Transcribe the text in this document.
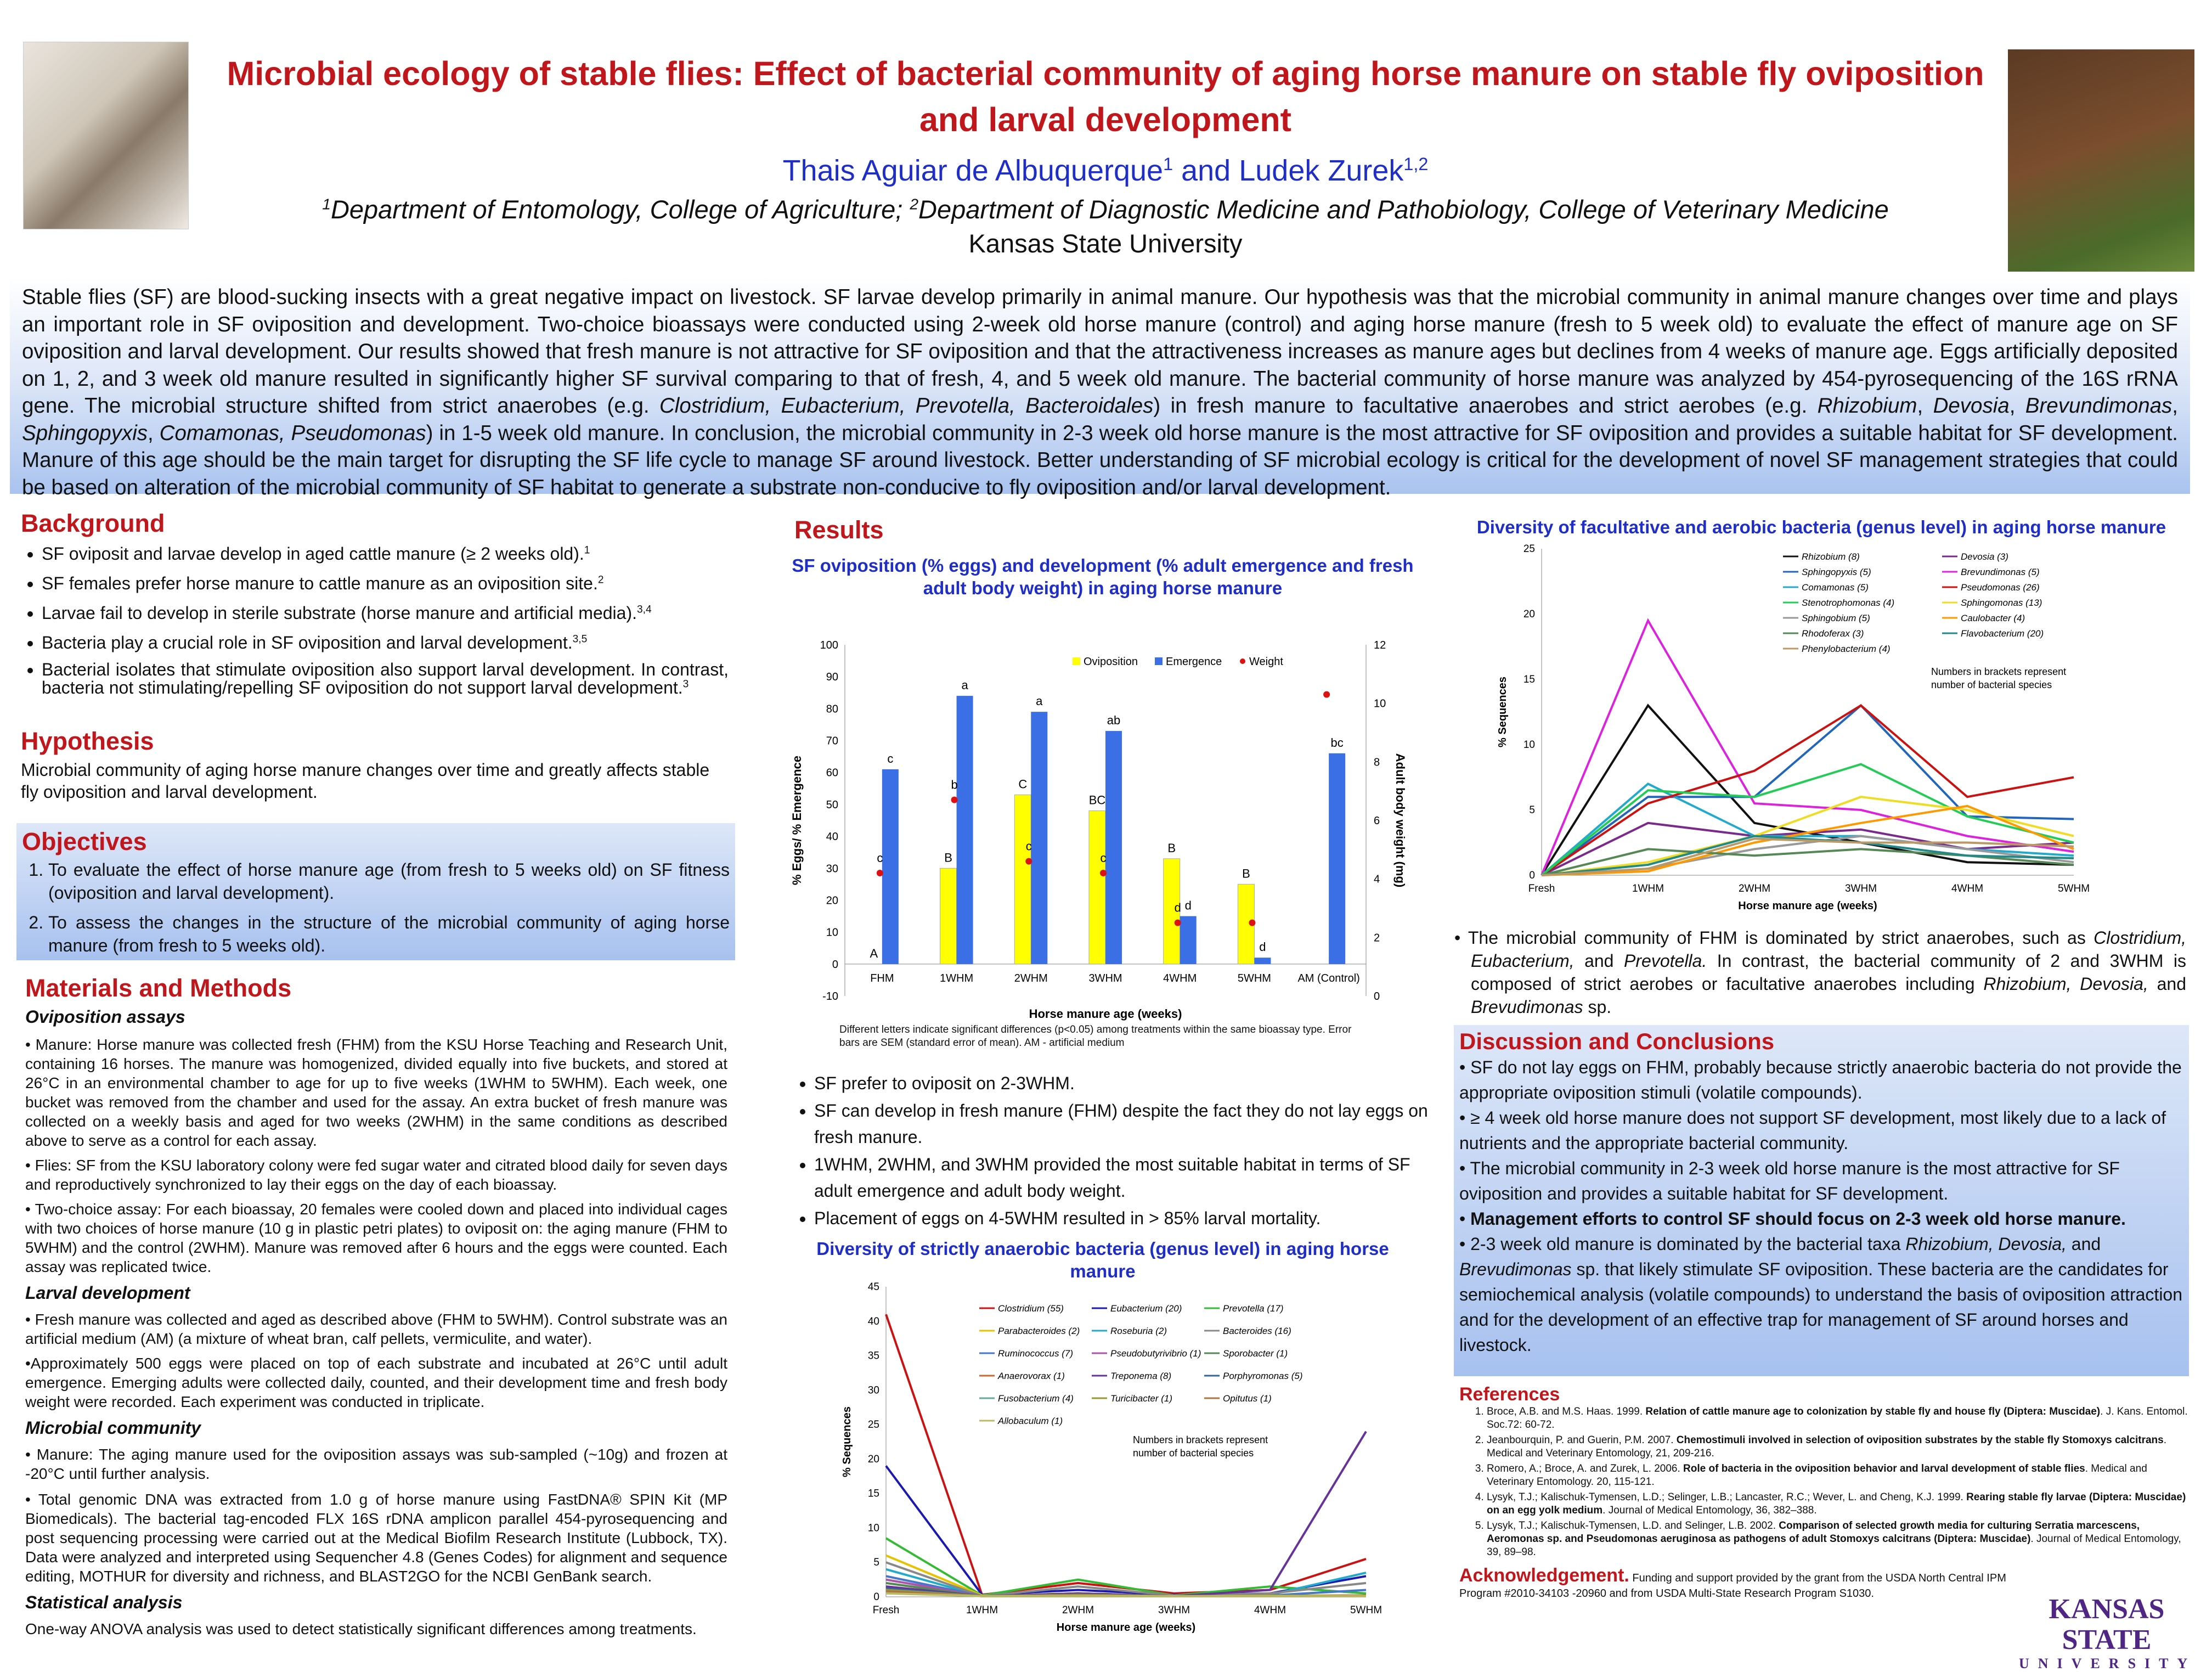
Microbial ecology of stable flies: Effect of bacterial community of aging horse manure on stable fly oviposition and larval development
Thais Aguiar de Albuquerque$^1$ and Ludek Zurek$^{1,2}$
$^1$Department of Entomology, College of Agriculture; $^2$Department of Diagnostic Medicine and Pathobiology, College of Veterinary Medicine
Kansas State University
Stable flies (SF) are blood-sucking insects with a great negative impact on livestock. SF larvae develop primarily in animal manure. Our hypothesis was that the microbial community in animal manure changes over time and plays an important role in SF oviposition and development. Two-choice bioassays were conducted using 2-week old horse manure (control) and aging horse manure (fresh to 5 week old) to evaluate the effect of manure age on SF oviposition and larval development. Our results showed that fresh manure is not attractive for SF oviposition and that the attractiveness increases as manure ages but declines from 4 weeks of manure age. Eggs artificially deposited on 1, 2, and 3 week old manure resulted in significantly higher SF survival comparing to that of fresh, 4, and 5 week old manure. The bacterial community of horse manure was analyzed by 454-pyrosequencing of the 16S rRNA gene. The microbial structure shifted from strict anaerobes (e.g. Clostridium, Eubacterium, Prevotella, Bacteroidales) in fresh manure to facultative anaerobes and strict aerobes (e.g. Rhizobium, Devosia, Brevundimonas, Sphingopyxis, Comamonas, Pseudomonas) in 1-5 week old manure. In conclusion, the microbial community in 2-3 week old horse manure is the most attractive for SF oviposition and provides a suitable habitat for SF development. Manure of this age should be the main target for disrupting the SF life cycle to manage SF around livestock. Better understanding of SF microbial ecology is critical for the development of novel SF management strategies that could be based on alteration of the microbial community of SF habitat to generate a substrate non-conducive to fly oviposition and/or larval development.
Background
• SF oviposit and larvae develop in aged cattle manure (≥ 2 weeks old).$^1$
• SF females prefer horse manure to cattle manure as an oviposition site.$^2$
• Larvae fail to develop in sterile substrate (horse manure and artificial media).$^{3,4}$
• Bacteria play a crucial role in SF oviposition and larval development.$^{3,5}$
• Bacterial isolates that stimulate oviposition also support larval development. In contrast, bacteria not stimulating/repelling SF oviposition do not support larval development.$^3$
Hypothesis
Microbial community of aging horse manure changes over time and greatly affects stable fly oviposition and larval development.
Objectives
1. To evaluate the effect of horse manure age (from fresh to 5 weeks old) on SF fitness (oviposition and larval development).
2. To assess the changes in the structure of the microbial community of aging horse manure (from fresh to 5 weeks old).
Materials and Methods
Oviposition assays
• Manure: Horse manure was collected fresh (FHM) from the KSU Horse Teaching and Research Unit, containing 16 horses. The manure was homogenized, divided equally into five buckets, and stored at 26°C in an environmental chamber to age for up to five weeks (1WHM to 5WHM). Each week, one bucket was removed from the chamber and used for the assay. An extra bucket of fresh manure was collected on a weekly basis and aged for two weeks (2WHM) in the same conditions as described above to serve as a control for each assay.
• Flies: SF from the KSU laboratory colony were fed sugar water and citrated blood daily for seven days and reproductively synchronized to lay their eggs on the day of each bioassay.
• Two-choice assay: For each bioassay, 20 females were cooled down and placed into individual cages with two choices of horse manure (10 g in plastic petri plates) to oviposit on: the aging manure (FHM to 5WHM) and the control (2WHM). Manure was removed after 6 hours and the eggs were counted. Each assay was replicated twice.
Larval development
• Fresh manure was collected and aged as described above (FHM to 5WHM). Control substrate was an artificial medium (AM) (a mixture of wheat bran, calf pellets, vermiculite, and water).
•Approximately 500 eggs were placed on top of each substrate and incubated at 26°C until adult emergence. Emerging adults were collected daily, counted, and their development time and fresh body weight were recorded. Each experiment was conducted in triplicate.
Microbial community
• Manure: The aging manure used for the oviposition assays was sub-sampled (~10g) and frozen at -20°C until further analysis.
• Total genomic DNA was extracted from 1.0 g of horse manure using FastDNA® SPIN Kit (MP Biomedicals). The bacterial tag-encoded FLX 16S rDNA amplicon parallel 454-pyrosequencing and post sequencing processing were carried out at the Medical Biofilm Research Institute (Lubbock, TX). Data were analyzed and interpreted using Sequencher 4.8 (Genes Codes) for alignment and sequence editing, MOTHUR for diversity and richness, and BLAST2GO for the NCBI GenBank search.
Statistical analysis
One-way ANOVA analysis was used to detect statistically significant differences among treatments.
Results
SF oviposition (% eggs) and development (% adult emergence and fresh adult body weight) in aging horse manure
-10
0
10
20
30
40
50
60
70
80
90
100
0
2
4
6
8
10
12
FHM
A
c
c
1WHM
B
a
b
2WHM
C
a
c
3WHM
BC
ab
c
4WHM
B
d
d
5WHM
B
d
AM (Control)
bc
Oviposition	Emergence Weight
Horse manure age (weeks)
% Eggs/ % Emergence	Adult body weight (mg)
Different letters indicate significant differences (p<0.05) among treatments within the same bioassay type. Error bars are SEM (standard error of mean). AM - artificial medium
• SF prefer to oviposit on 2-3WHM.
• SF can develop in fresh manure (FHM) despite the fact they do not lay eggs on fresh manure.
• 1WHM, 2WHM, and 3WHM provided the most suitable habitat in terms of SF adult emergence and adult body weight.
• Placement of eggs on 4-5WHM resulted in > 85% larval mortality.
Diversity of strictly anaerobic bacteria (genus level) in aging horse manure
0
5
10
15
20
25
30
35
40
45
Fresh	1WHM	2WHM	3WHM	4WHM	5WHM
Clostridium (55)	Eubacterium (20)	Prevotella (17)
Parabacteroides (2)	Roseburia (2)	Bacteroides (16)
Ruminococcus (7)	Pseudobutyrivibrio (1) Sporobacter (1)
Anaerovorax (1)	Treponema (8)	Porphyromonas (5)
Fusobacterium (4)	Turicibacter (1)	Opitutus (1)
Allobaculum (1)
Numbers in brackets represent
number of bacterial species
Horse manure age (weeks)
% Sequences
Diversity of facultative and aerobic bacteria (genus level) in aging horse manure
0
5
10
15
20
25
Fresh	1WHM	2WHM	3WHM	4WHM	5WHM
Rhizobium (8)	Devosia (3)
Sphingopyxis (5)	Brevundimonas (5)
Comamonas (5)	Pseudomonas (26)
Stenotrophomonas (4)	Sphingomonas (13)
Sphingobium (5)	Caulobacter (4)
Rhodoferax (3)	Flavobacterium (20)
Phenylobacterium (4)
Numbers in brackets represent
number of bacterial species
Horse manure age (weeks)
% Sequences
• The microbial community of FHM is dominated by strict anaerobes, such as Clostridium, Eubacterium, and Prevotella. In contrast, the bacterial community of 2 and 3WHM is composed of strict aerobes or facultative anaerobes including Rhizobium, Devosia, and Brevudimonas sp.
Discussion and Conclusions
• SF do not lay eggs on FHM, probably because strictly anaerobic bacteria do not provide the appropriate oviposition stimuli (volatile compounds).
• ≥ 4 week old horse manure does not support SF development, most likely due to a lack of nutrients and the appropriate bacterial community.
• The microbial community in 2-3 week old horse manure is the most attractive for SF oviposition and provides a suitable habitat for SF development.
• Management efforts to control SF should focus on 2-3 week old horse manure.
• 2-3 week old manure is dominated by the bacterial taxa Rhizobium, Devosia, and Brevudimonas sp. that likely stimulate SF oviposition. These bacteria are the candidates for semiochemical analysis (volatile compounds) to understand the basis of oviposition attraction and for the development of an effective trap for management of SF around horses and livestock.
References
1. Broce, A.B. and M.S. Haas. 1999. Relation of cattle manure age to colonization by stable fly and house fly (Diptera: Muscidae). J. Kans. Entomol. Soc.72: 60-72.
2. Jeanbourquin, P. and Guerin, P.M. 2007. Chemostimuli involved in selection of oviposition substrates by the stable fly Stomoxys calcitrans. Medical and Veterinary Entomology, 21, 209-216.
3. Romero, A.; Broce, A. and Zurek, L. 2006. Role of bacteria in the oviposition behavior and larval development of stable flies. Medical and Veterinary Entomology. 20, 115-121.
4. Lysyk, T.J.; Kalischuk-Tymensen, L.D.; Selinger, L.B.; Lancaster, R.C.; Wever, L. and Cheng, K.J. 1999. Rearing stable fly larvae (Diptera: Muscidae) on an egg yolk medium. Journal of Medical Entomology, 36, 382–388.
5. Lysyk, T.J.; Kalischuk-Tymensen, L.D. and Selinger, L.B. 2002. Comparison of selected growth media for culturing Serratia marcescens, Aeromonas sp. and Pseudomonas aeruginosa as pathogens of adult Stomoxys calcitrans (Diptera: Muscidae). Journal of Medical Entomology, 39, 89–98.
Acknowledgement. Funding and support provided by the grant from the USDA North Central IPM Program #2010-34103 -20960 and from USDA Multi-State Research Program S1030.	KANSAS STATE
UNIVERSITY
